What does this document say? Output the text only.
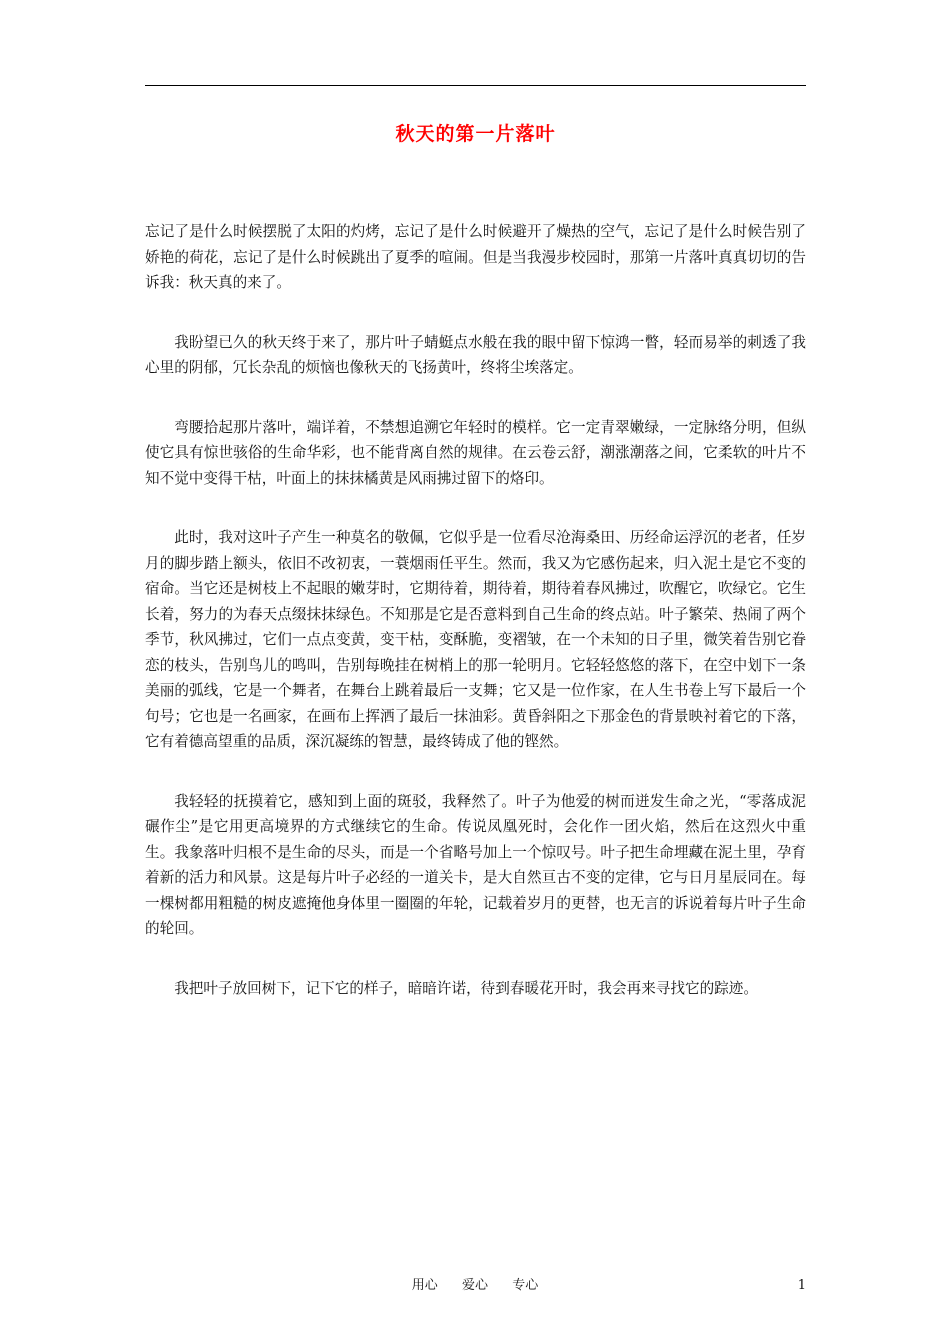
秋天的第一片落叶

忘记了是什么时候摆脱了太阳的灼烤，忘记了是什么时候避开了燥热的空气，忘记了是什么时候告别了娇艳的荷花，忘记了是什么时候跳出了夏季的喧闹。但是当我漫步校园时，那第一片落叶真真切切的告诉我：秋天真的来了。

我盼望已久的秋天终于来了，那片叶子蜻蜓点水般在我的眼中留下惊鸿一瞥，轻而易举的刺透了我心里的阴郁，冗长杂乱的烦恼也像秋天的飞扬黄叶，终将尘埃落定。

弯腰拾起那片落叶，端详着，不禁想追溯它年轻时的模样。它一定青翠嫩绿，一定脉络分明，但纵使它具有惊世骇俗的生命华彩，也不能背离自然的规律。在云卷云舒，潮涨潮落之间，它柔软的叶片不知不觉中变得干枯，叶面上的抹抹橘黄是风雨拂过留下的烙印。

此时，我对这叶子产生一种莫名的敬佩，它似乎是一位看尽沧海桑田、历经命运浮沉的老者，任岁月的脚步踏上额头，依旧不改初衷，一蓑烟雨任平生。然而，我又为它感伤起来，归入泥土是它不变的宿命。当它还是树枝上不起眼的嫩芽时，它期待着，期待着，期待着春风拂过，吹醒它，吹绿它。它生长着，努力的为春天点缀抹抹绿色。不知那是它是否意料到自己生命的终点站。叶子繁荣、热闹了两个季节，秋风拂过，它们一点点变黄，变干枯，变酥脆，变褶皱，在一个未知的日子里，微笑着告别它眷恋的枝头，告别鸟儿的鸣叫，告别每晚挂在树梢上的那一轮明月。它轻轻悠悠的落下，在空中划下一条美丽的弧线，它是一个舞者，在舞台上跳着最后一支舞；它又是一位作家，在人生书卷上写下最后一个句号；它也是一名画家，在画布上挥洒了最后一抹油彩。黄昏斜阳之下那金色的背景映衬着它的下落，它有着德高望重的品质，深沉凝练的智慧，最终铸成了他的铿然。

我轻轻的抚摸着它，感知到上面的斑驳，我释然了。叶子为他爱的树而迸发生命之光，“零落成泥碾作尘”是它用更高境界的方式继续它的生命。传说凤凰死时，会化作一团火焰，然后在这烈火中重生。我象落叶归根不是生命的尽头，而是一个省略号加上一个惊叹号。叶子把生命埋藏在泥土里，孕育着新的活力和风景。这是每片叶子必经的一道关卡，是大自然亘古不变的定律，它与日月星辰同在。每一棵树都用粗糙的树皮遮掩他身体里一圈圈的年轮，记载着岁月的更替，也无言的诉说着每片叶子生命的轮回。

我把叶子放回树下，记下它的样子，暗暗许诺，待到春暖花开时，我会再来寻找它的踪迹。

用心  爱心  专心	1
